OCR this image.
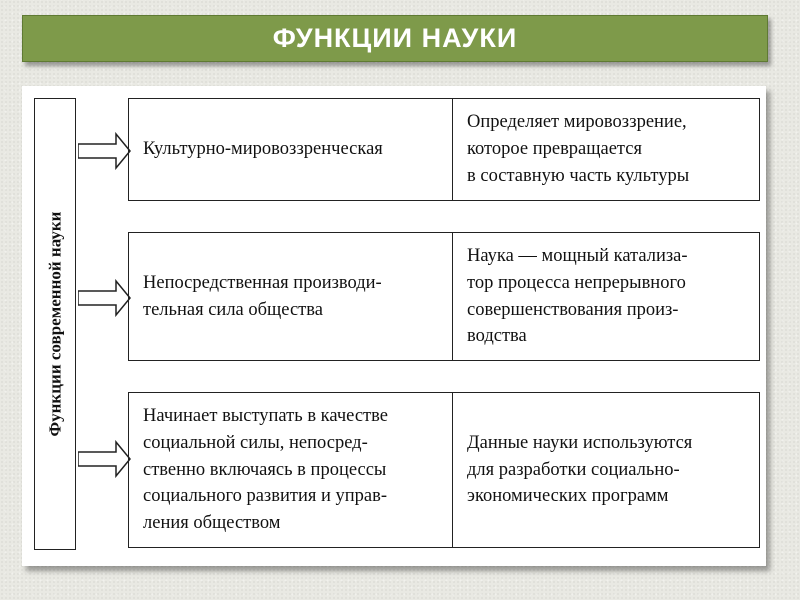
ФУНКЦИИ НАУКИ
Функции современной науки
Культурно-мировоззренческая
Определяет мировоззрение,
которое превращается
в составную часть культуры
Непосредственная производи-
тельная сила общества
Наука — мощный катализа-
тор процесса непрерывного
совершенствования произ-
водства
Начинает выступать в качестве
социальной силы, непосред-
ственно включаясь в процессы
социального развития и управ-
ления обществом
Данные науки используются
для разработки социально-
экономических программ
